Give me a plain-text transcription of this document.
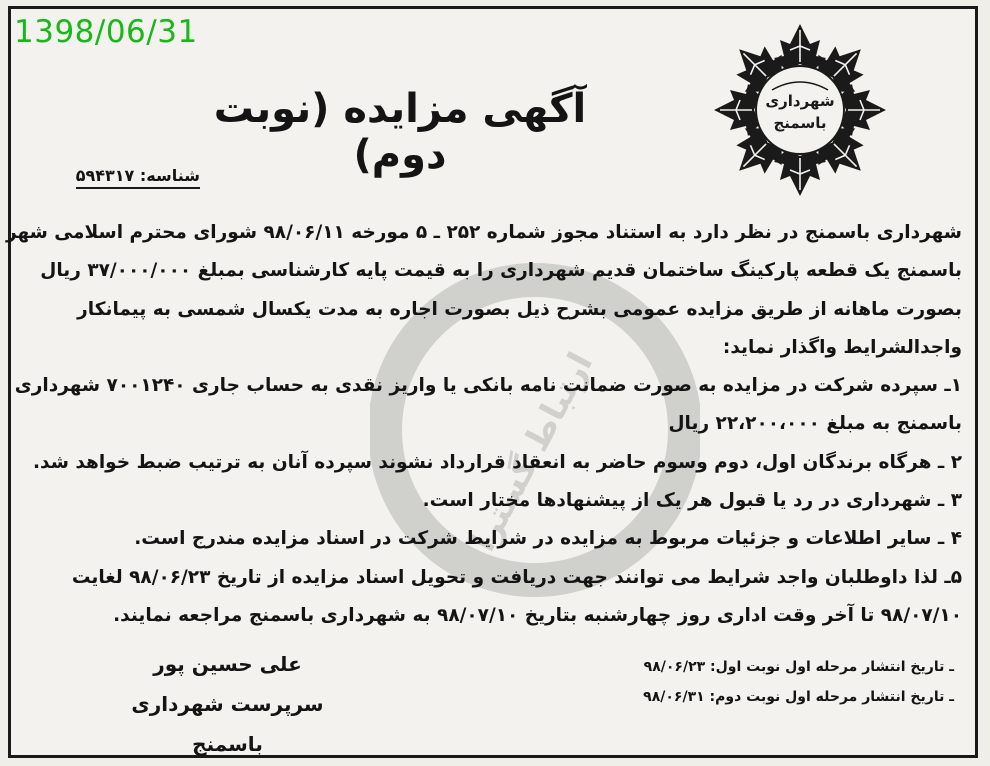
1398/06/31
شهرداری
باسمنج
آگهی مزایده (نوبت دوم)
شناسه: ۵۹۴۳۱۷
ارتباط گستران
شهرداری باسمنج در نظر دارد به استناد مجوز شماره ۲۵۲ ـ ۵ مورخه ۹۸/۰۶/۱۱ شورای محترم اسلامی شهر
باسمنج یک قطعه پارکینگ ساختمان قدیم شهرداری را به قیمت پایه کارشناسی بمبلغ ۳۷/۰۰۰/۰۰۰ ریال
بصورت ماهانه از طریق مزایده عمومی بشرح ذیل بصورت اجاره به مدت یکسال شمسی به پیمانکار
واجدالشرایط واگذار نماید:
۱ـ سپرده شرکت در مزایده به صورت ضمانت نامه بانکی یا واریز نقدی به حساب جاری ۷۰۰۱۲۴۰ شهرداری
باسمنج به مبلغ ۲۲،۲۰۰،۰۰۰ ریال
۲ ـ هرگاه برندگان اول، دوم وسوم حاضر به انعقاد قرارداد نشوند سپرده آنان به ترتیب ضبط خواهد شد.
۳ ـ شهرداری در رد یا قبول هر یک از پیشنهادها مختار است.
۴ ـ سایر اطلاعات و جزئیات مربوط به مزایده در شرایط شرکت در اسناد مزایده مندرج است.
۵ـ لذا داوطلبان واجد شرایط می توانند جهت دریافت و تحویل اسناد مزایده از تاریخ ۹۸/۰۶/۲۳ لغایت
۹۸/۰۷/۱۰ تا آخر وقت اداری روز چهارشنبه بتاریخ ۹۸/۰۷/۱۰ به شهرداری باسمنج مراجعه نمایند.
ـ تاریخ انتشار مرحله اول نوبت اول: ۹۸/۰۶/۲۳
ـ تاریخ انتشار مرحله اول نوبت دوم: ۹۸/۰۶/۳۱
علی حسین پور
سرپرست شهرداری باسمنج
